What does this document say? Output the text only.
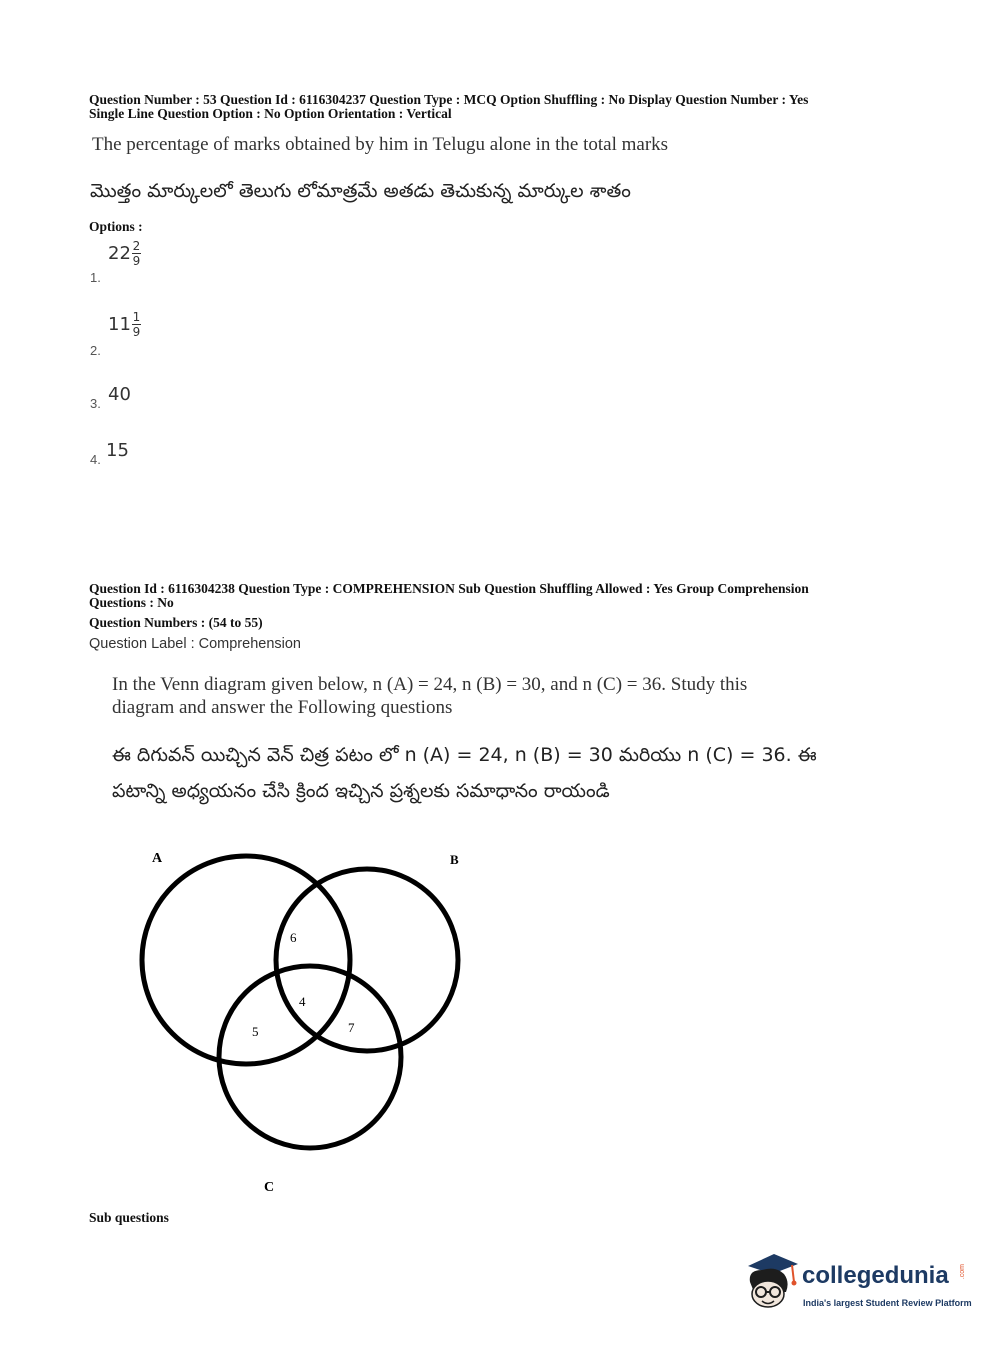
Question Number : 53 Question Id : 6116304237 Question Type : MCQ Option Shuffling : No Display Question Number : Yes
Single Line Question Option : No Option Orientation : Vertical
The percentage of marks obtained by him in Telugu alone in the total marks
మొత్తం మార్కులలో తెలుగు లోమాత్రమే అతడు తెచుకున్న మార్కుల శాతం
Options :
1.
$22 \frac{2}{9}$
2.
$11 \frac{1}{9}$
3. 40
4. 15
Question Id : 6116304238 Question Type : COMPREHENSION Sub Question Shuffling Allowed : Yes Group Comprehension
Questions : No
Question Numbers : (54 to 55)
Question Label : Comprehension
In the Venn diagram given below, n (A) = 24, n (B) = 30, and n (C) = 36. Study this
diagram and answer the Following questions
ఈ దిగువన్ యిచ్చిన వెన్ చిత్ర పటం లో n (A) = 24, n (B) = 30 మరియు n (C) = 36. ఈ
పటాన్ని అధ్యయనం చేసి క్రింద ఇచ్చిన ప్రశ్నలకు సమాధానం రాయండి
A	B
C
6
4
5	7
Sub questions
collegedunia .com
India's largest Student Review Platform
